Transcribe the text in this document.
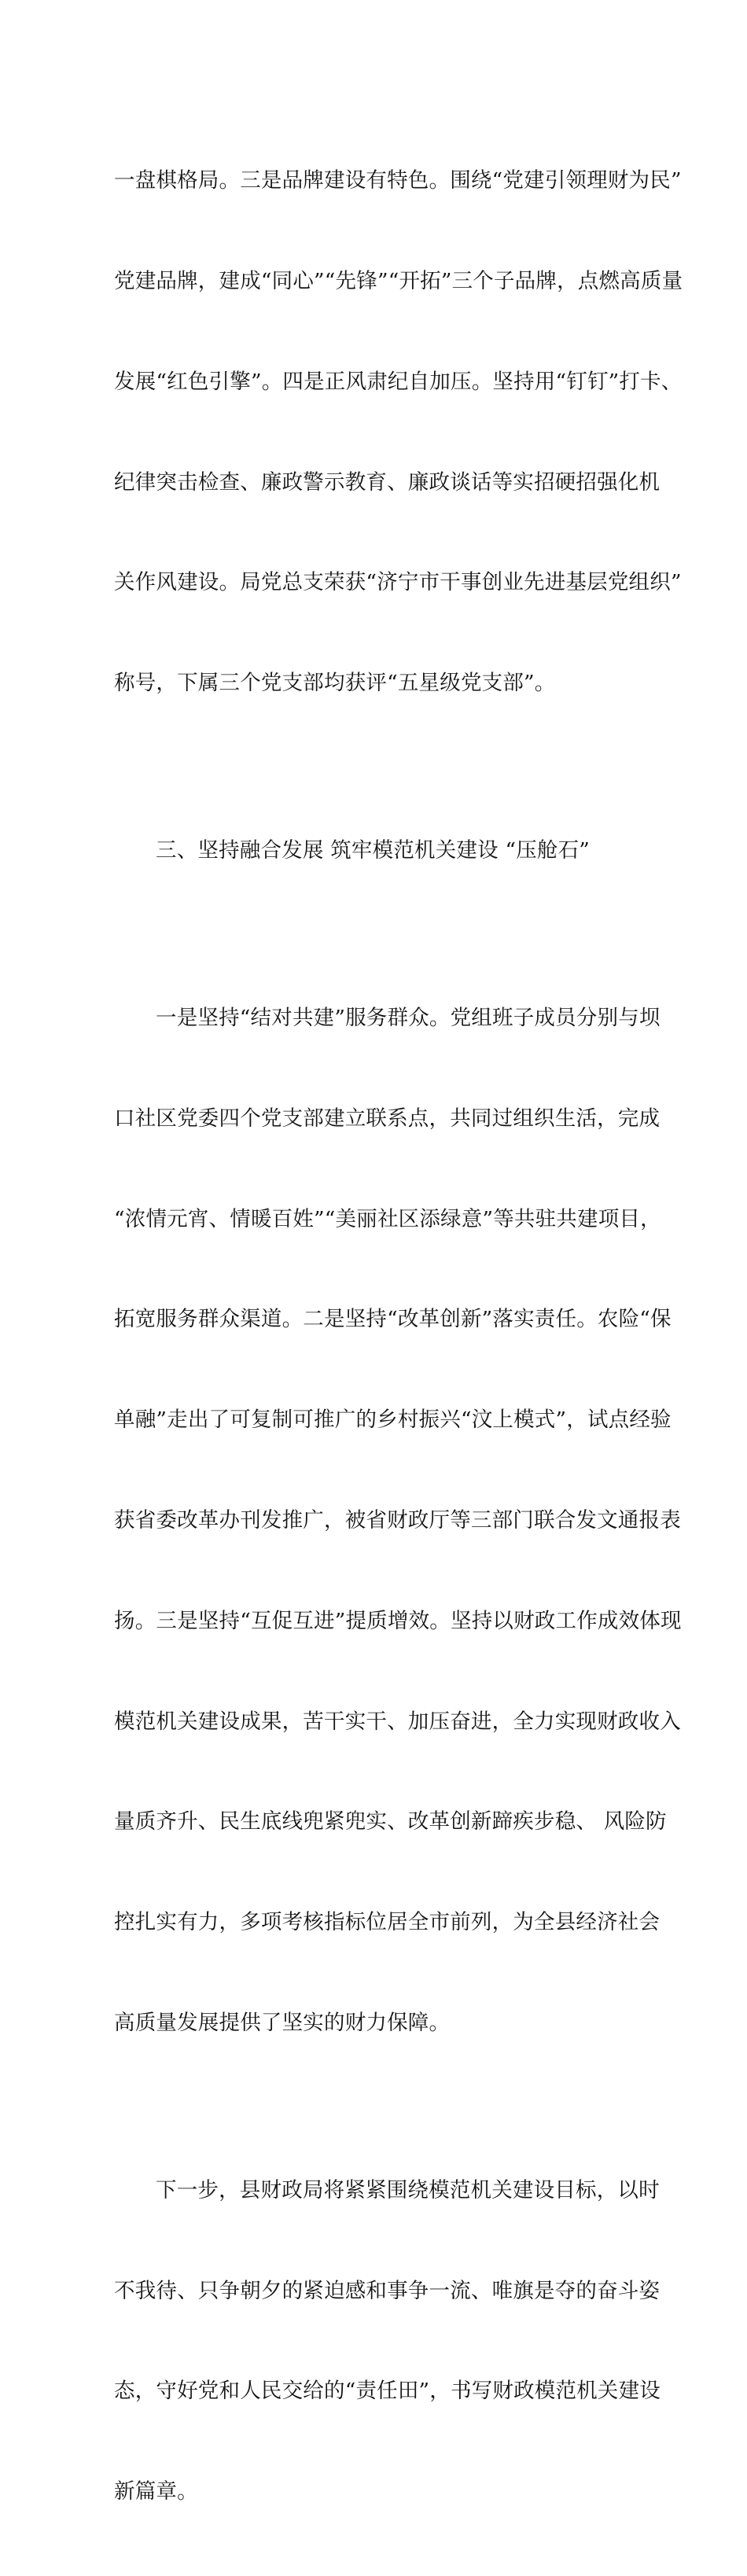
一盘棋格局。三是品牌建设有特色。围绕“党建引领理财为民”

党建品牌，建成“同心”“先锋”“开拓”三个子品牌，点燃高质量

发展“红色引擎”。四是正风肃纪自加压。坚持用“钉钉”打卡、

纪律突击检查、廉政警示教育、廉政谈话等实招硬招强化机

关作风建设。局党总支荣获“济宁市干事创业先进基层党组织”

称号，下属三个党支部均获评“五星级党支部”。

三、坚持融合发展 筑牢模范机关建设 “压舱石”

一是坚持“结对共建”服务群众。党组班子成员分别与坝

口社区党委四个党支部建立联系点，共同过组织生活，完成

“浓情元宵、情暖百姓”“美丽社区添绿意”等共驻共建项目，

拓宽服务群众渠道。二是坚持“改革创新”落实责任。农险“保

单融”走出了可复制可推广的乡村振兴“汶上模式”，试点经验

获省委改革办刊发推广，被省财政厅等三部门联合发文通报表

扬。三是坚持“互促互进”提质增效。坚持以财政工作成效体现

模范机关建设成果，苦干实干、加压奋进，全力实现财政收入

量质齐升、民生底线兜紧兜实、改革创新蹄疾步稳、 风险防

控扎实有力，多项考核指标位居全市前列，为全县经济社会

高质量发展提供了坚实的财力保障。

下一步，县财政局将紧紧围绕模范机关建设目标，以时

不我待、只争朝夕的紧迫感和事争一流、唯旗是夺的奋斗姿

态，守好党和人民交给的“责任田”，书写财政模范机关建设

新篇章。
